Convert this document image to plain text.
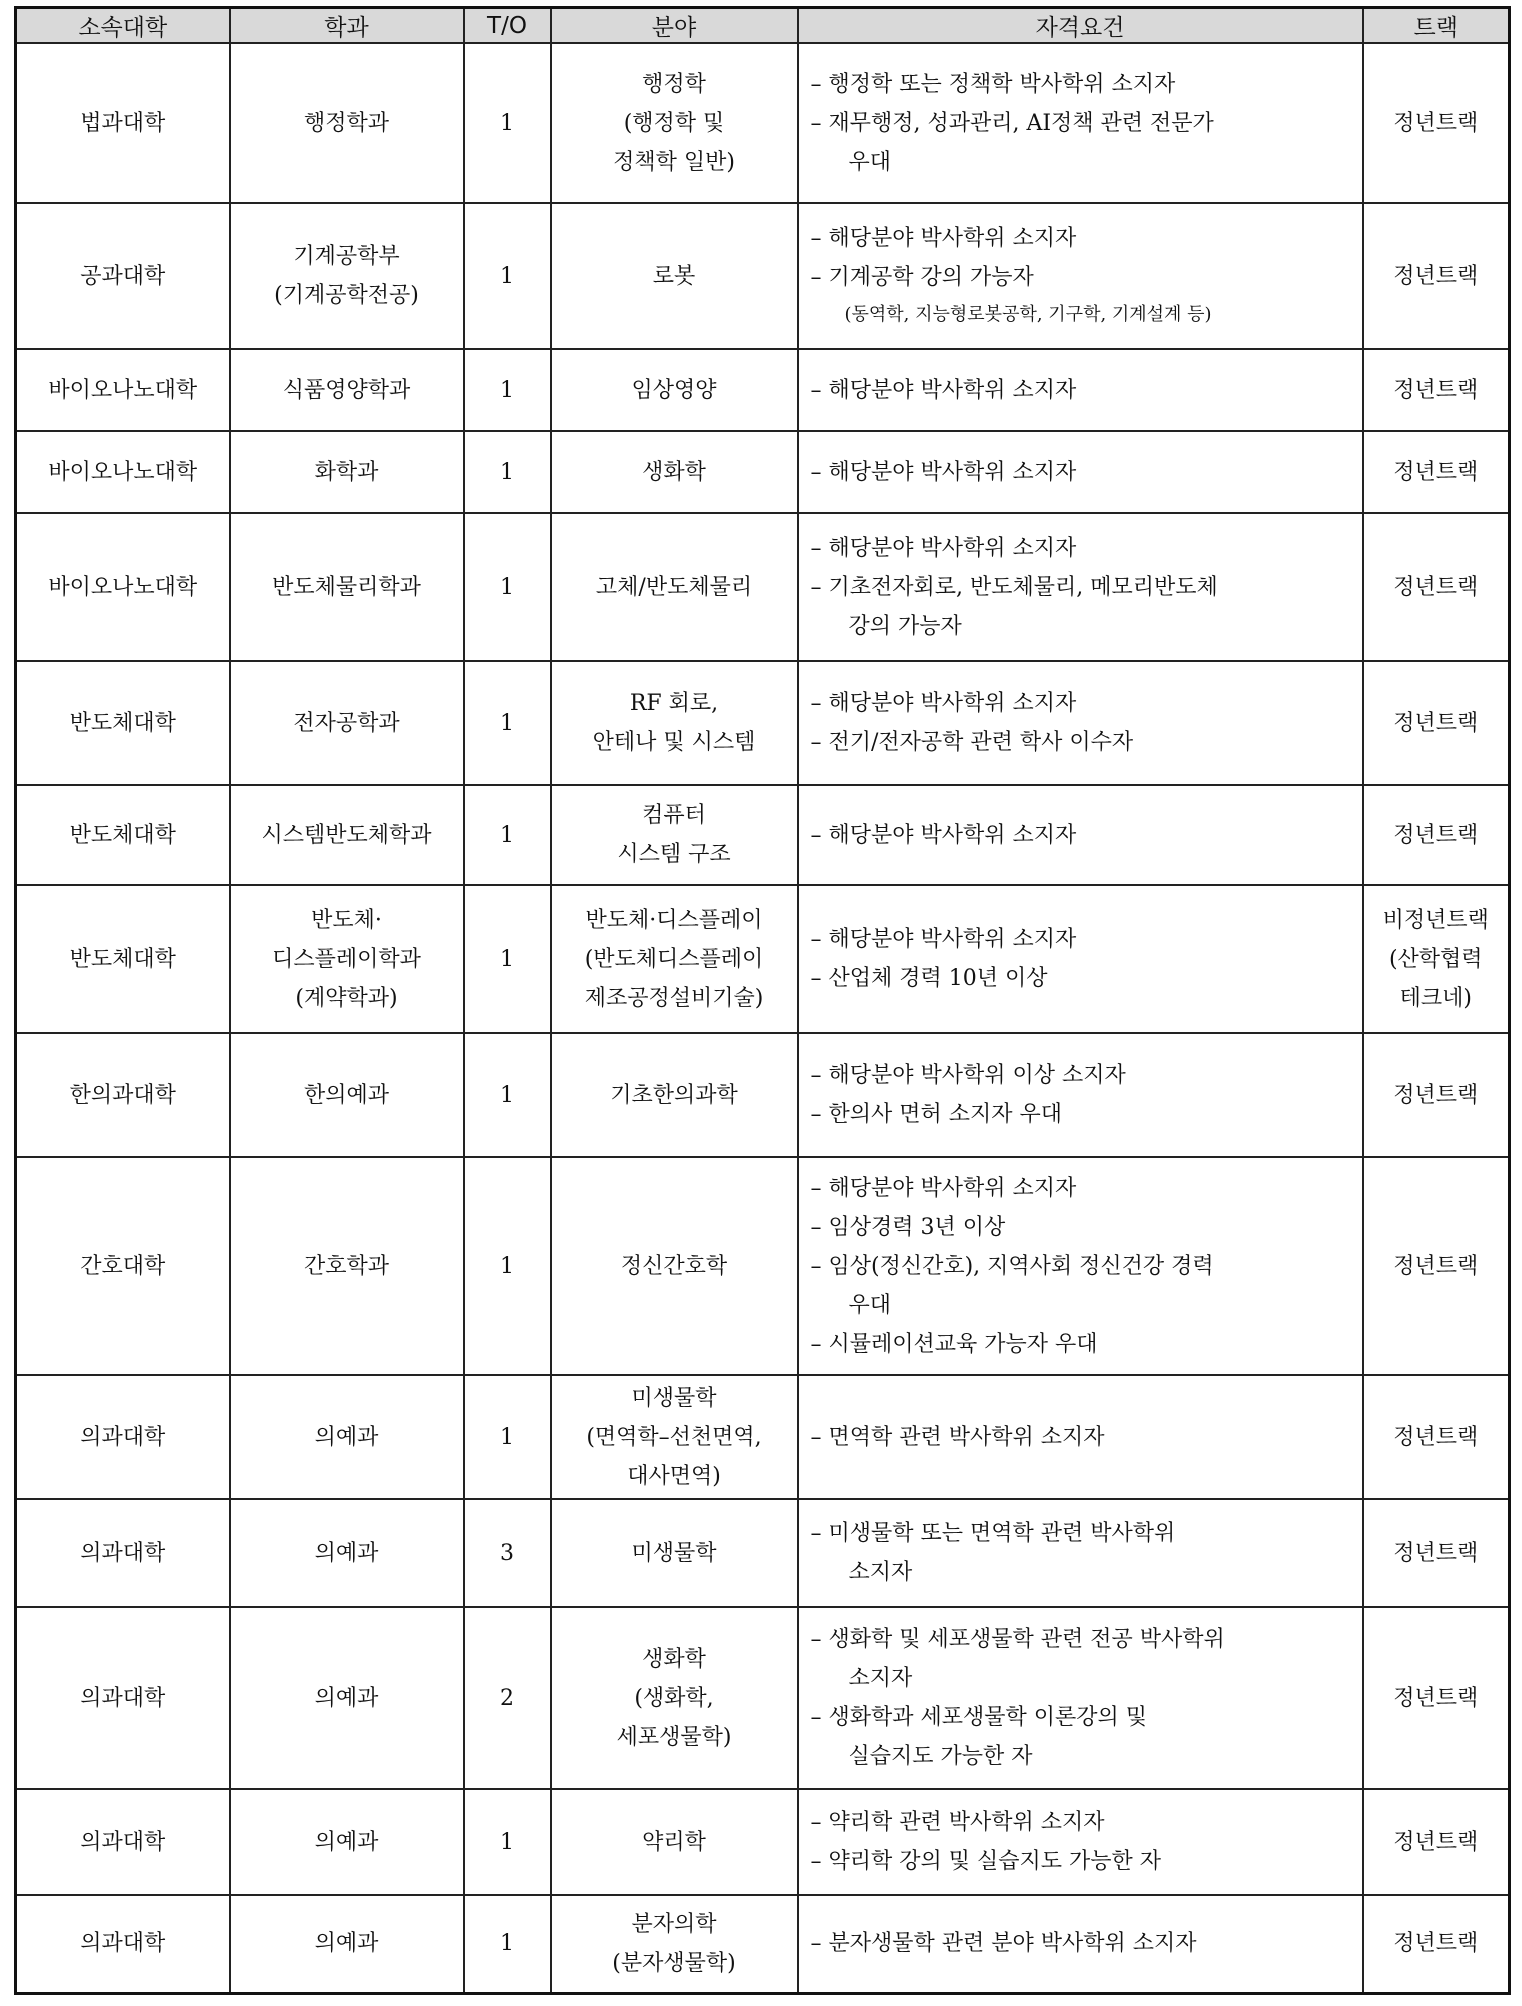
소속대학	학과	T/O	분야	자격요건	트랙

법과대학	행정학과	1	행정학
(행정학 및
정책학 일반)	– 행정학 또는 정책학 박사학위 소지자
– 재무행정, 성과관리, AI정책 관련 전문가
우대	정년트랙

공과대학	기계공학부
(기계공학전공)	1	로봇	– 해당분야 박사학위 소지자
– 기계공학 강의 가능자
(동역학, 지능형로봇공학, 기구학, 기계설계 등)	정년트랙

바이오나노대학	식품영양학과	1	임상영양	– 해당분야 박사학위 소지자	정년트랙

바이오나노대학	화학과	1	생화학	– 해당분야 박사학위 소지자	정년트랙

바이오나노대학	반도체물리학과	1	고체/반도체물리	– 해당분야 박사학위 소지자
– 기초전자회로, 반도체물리, 메모리반도체
강의 가능자	정년트랙

반도체대학	전자공학과	1	RF 회로,
안테나 및 시스템	– 해당분야 박사학위 소지자
– 전기/전자공학 관련 학사 이수자	정년트랙

반도체대학	시스템반도체학과	1	컴퓨터
시스템 구조	– 해당분야 박사학위 소지자	정년트랙

반도체대학	반도체·
디스플레이학과
(계약학과)	1	반도체·디스플레이
(반도체디스플레이
제조공정설비기술)	– 해당분야 박사학위 소지자
– 산업체 경력 10년 이상	비정년트랙
(산학협력
테크네)

한의과대학	한의예과	1	기초한의과학	– 해당분야 박사학위 이상 소지자
– 한의사 면허 소지자 우대	정년트랙

간호대학	간호학과	1	정신간호학	– 해당분야 박사학위 소지자
– 임상경력 3년 이상
– 임상(정신간호), 지역사회 정신건강 경력
우대
– 시뮬레이션교육 가능자 우대	정년트랙

의과대학	의예과	1	미생물학
(면역학–선천면역,
대사면역)	– 면역학 관련 박사학위 소지자	정년트랙

의과대학	의예과	3	미생물학	– 미생물학 또는 면역학 관련 박사학위
소지자	정년트랙

의과대학	의예과	2	생화학
(생화학,
세포생물학)	– 생화학 및 세포생물학 관련 전공 박사학위
소지자
– 생화학과 세포생물학 이론강의 및
실습지도 가능한 자	정년트랙

의과대학	의예과	1	약리학	– 약리학 관련 박사학위 소지자
– 약리학 강의 및 실습지도 가능한 자	정년트랙

의과대학	의예과	1	분자의학
(분자생물학)	– 분자생물학 관련 분야 박사학위 소지자	정년트랙
